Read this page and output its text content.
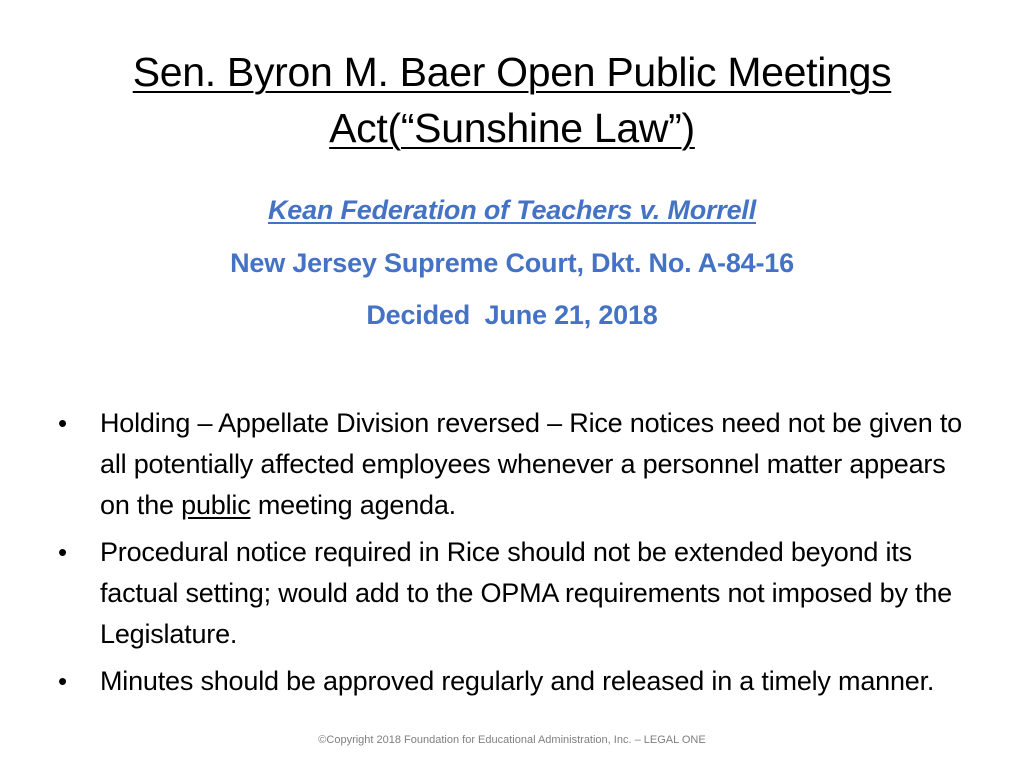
Sen. Byron M. Baer Open Public Meetings Act(“Sunshine Law”)
Kean Federation of Teachers v. Morrell
New Jersey Supreme Court, Dkt. No. A-84-16
Decided  June 21, 2018
• Holding – Appellate Division reversed – Rice notices need not be given to all potentially affected employees whenever a personnel matter appears on the public meeting agenda.
• Procedural notice required in Rice should not be extended beyond its factual setting; would add to the OPMA requirements not imposed by the Legislature.
• Minutes should be approved regularly and released in a timely manner.
©Copyright 2018 Foundation for Educational Administration, Inc. – LEGAL ONE
